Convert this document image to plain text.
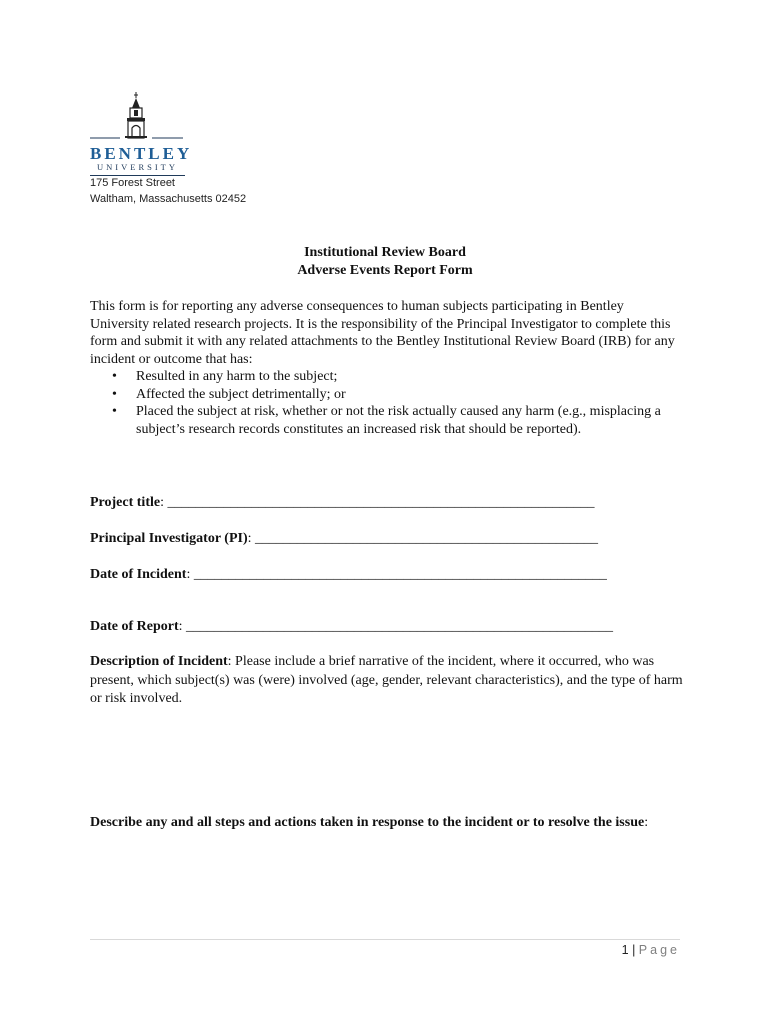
BENTLEY
UNIVERSITY
175 Forest Street
Waltham, Massachusetts 02452
Institutional Review Board
Adverse Events Report Form

This form is for reporting any adverse consequences to human subjects participating in Bentley University related research projects. It is the responsibility of the Principal Investigator to complete this form and submit it with any related attachments to the Bentley Institutional Review Board (IRB) for any incident or outcome that has:

• Resulted in any harm to the subject;
• Affected the subject detrimentally; or
• Placed the subject at risk, whether or not the risk actually caused any harm (e.g., misplacing a subject’s research records constitutes an increased risk that should be reported).
Project title: _____________________________________________________________
Principal Investigator (PI): _________________________________________________
Date of Incident: ___________________________________________________________
Date of Report: _____________________________________________________________
Description of Incident: Please include a brief narrative of the incident, where it occurred, who was present, which subject(s) was (were) involved (age, gender, relevant characteristics), and the type of harm or risk involved.
Describe any and all steps and actions taken in response to the incident or to resolve the issue:
1 | Page
